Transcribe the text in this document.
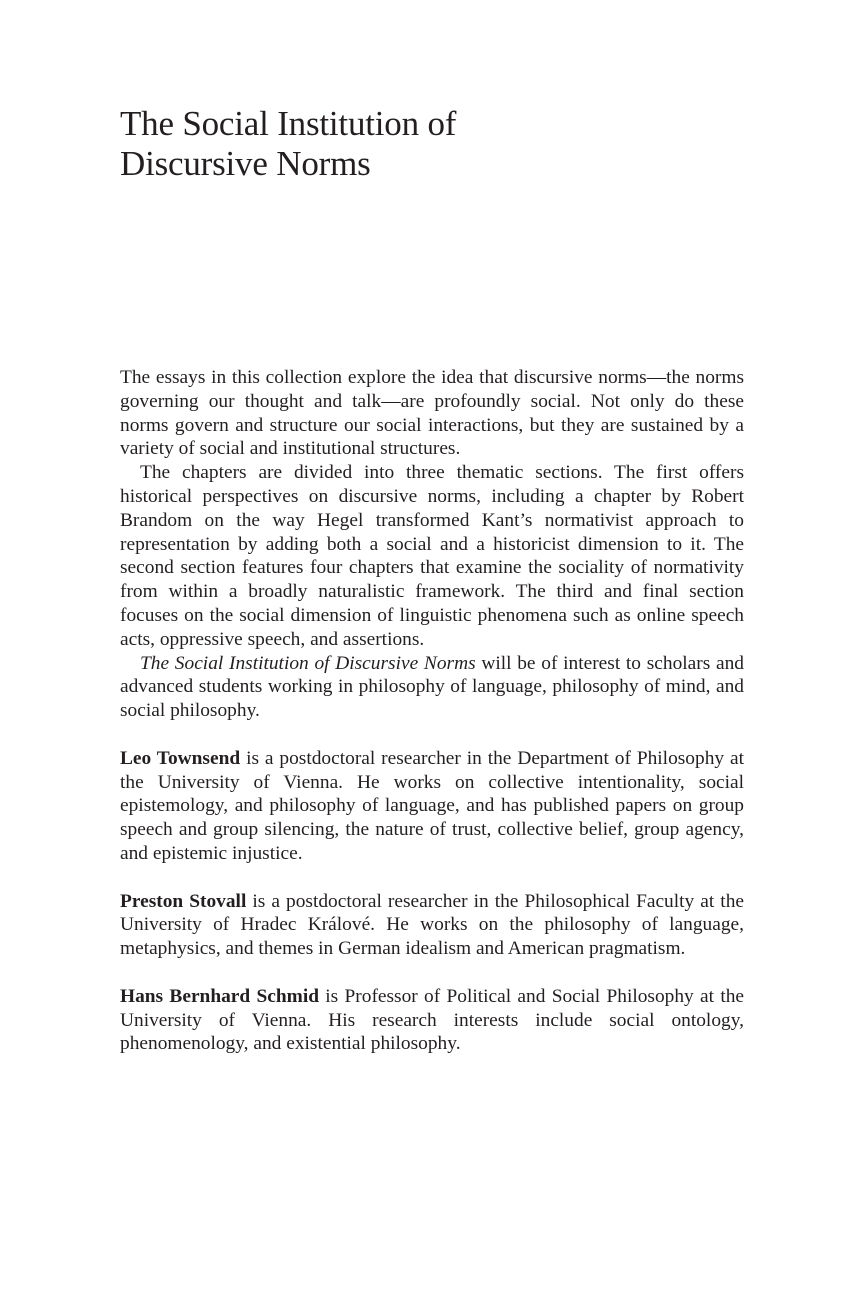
The Social Institution of
Discursive Norms

The essays in this collection explore the idea that discursive norms—the norms governing our thought and talk—are profoundly social. Not only do these norms govern and structure our social interactions, but they are sustained by a variety of social and institutional structures.

The chapters are divided into three thematic sections. The first offers historical perspectives on discursive norms, including a chapter by Robert Brandom on the way Hegel transformed Kant’s normativist approach to representation by adding both a social and a historicist dimension to it. The second section features four chapters that examine the sociality of normativity from within a broadly naturalistic framework. The third and final section focuses on the social dimension of linguistic phenomena such as online speech acts, oppressive speech, and assertions.

The Social Institution of Discursive Norms will be of interest to scholars and advanced students working in philosophy of language, philosophy of mind, and social philosophy.

Leo Townsend is a postdoctoral researcher in the Department of Philosophy at the University of Vienna. He works on collective intentionality, social epistemology, and philosophy of language, and has published papers on group speech and group silencing, the nature of trust, collective belief, group agency, and epistemic injustice.

Preston Stovall is a postdoctoral researcher in the Philosophical Faculty at the University of Hradec Králové. He works on the philosophy of language, metaphysics, and themes in German idealism and American pragmatism.

Hans Bernhard Schmid is Professor of Political and Social Philosophy at the University of Vienna. His research interests include social ontology, phenomenology, and existential philosophy.
